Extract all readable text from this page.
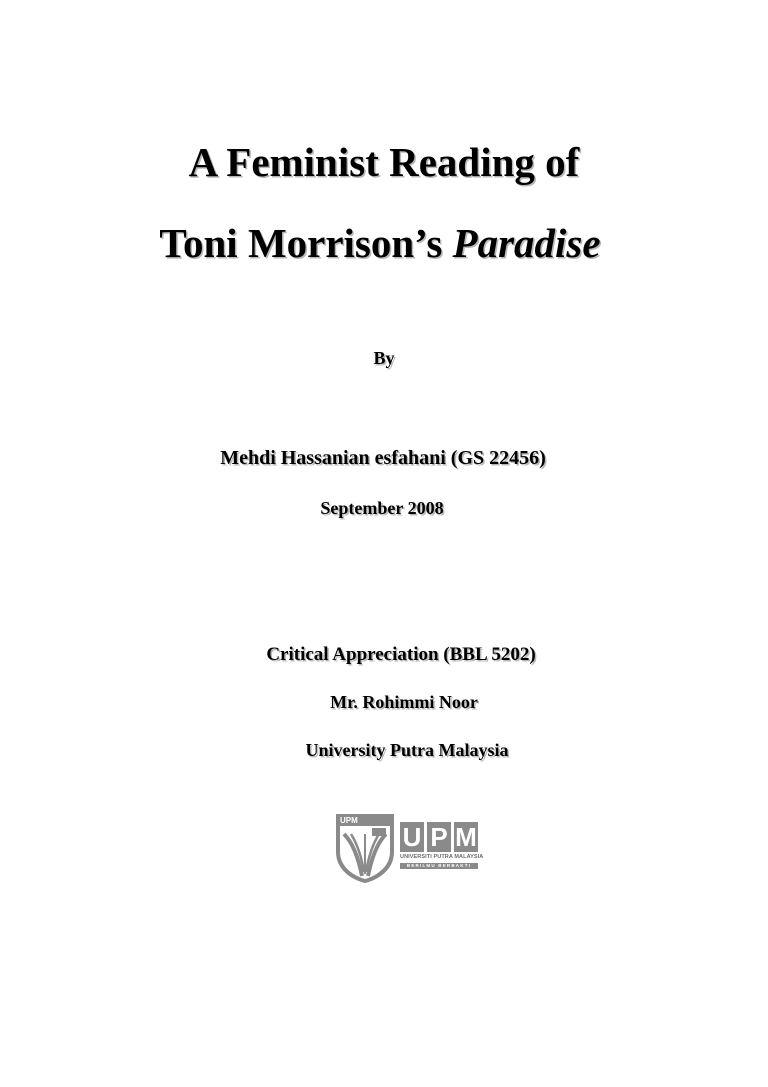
A Feminist Reading of
Toni Morrison’s Paradise

By

Mehdi Hassanian esfahani (GS 22456)

September 2008

Critical Appreciation (BBL 5202)

Mr. Rohimmi Noor

University Putra Malaysia

UPM
U P M
UNIVERSITI PUTRA MALAYSIA
BERILMU BERBAKTI
